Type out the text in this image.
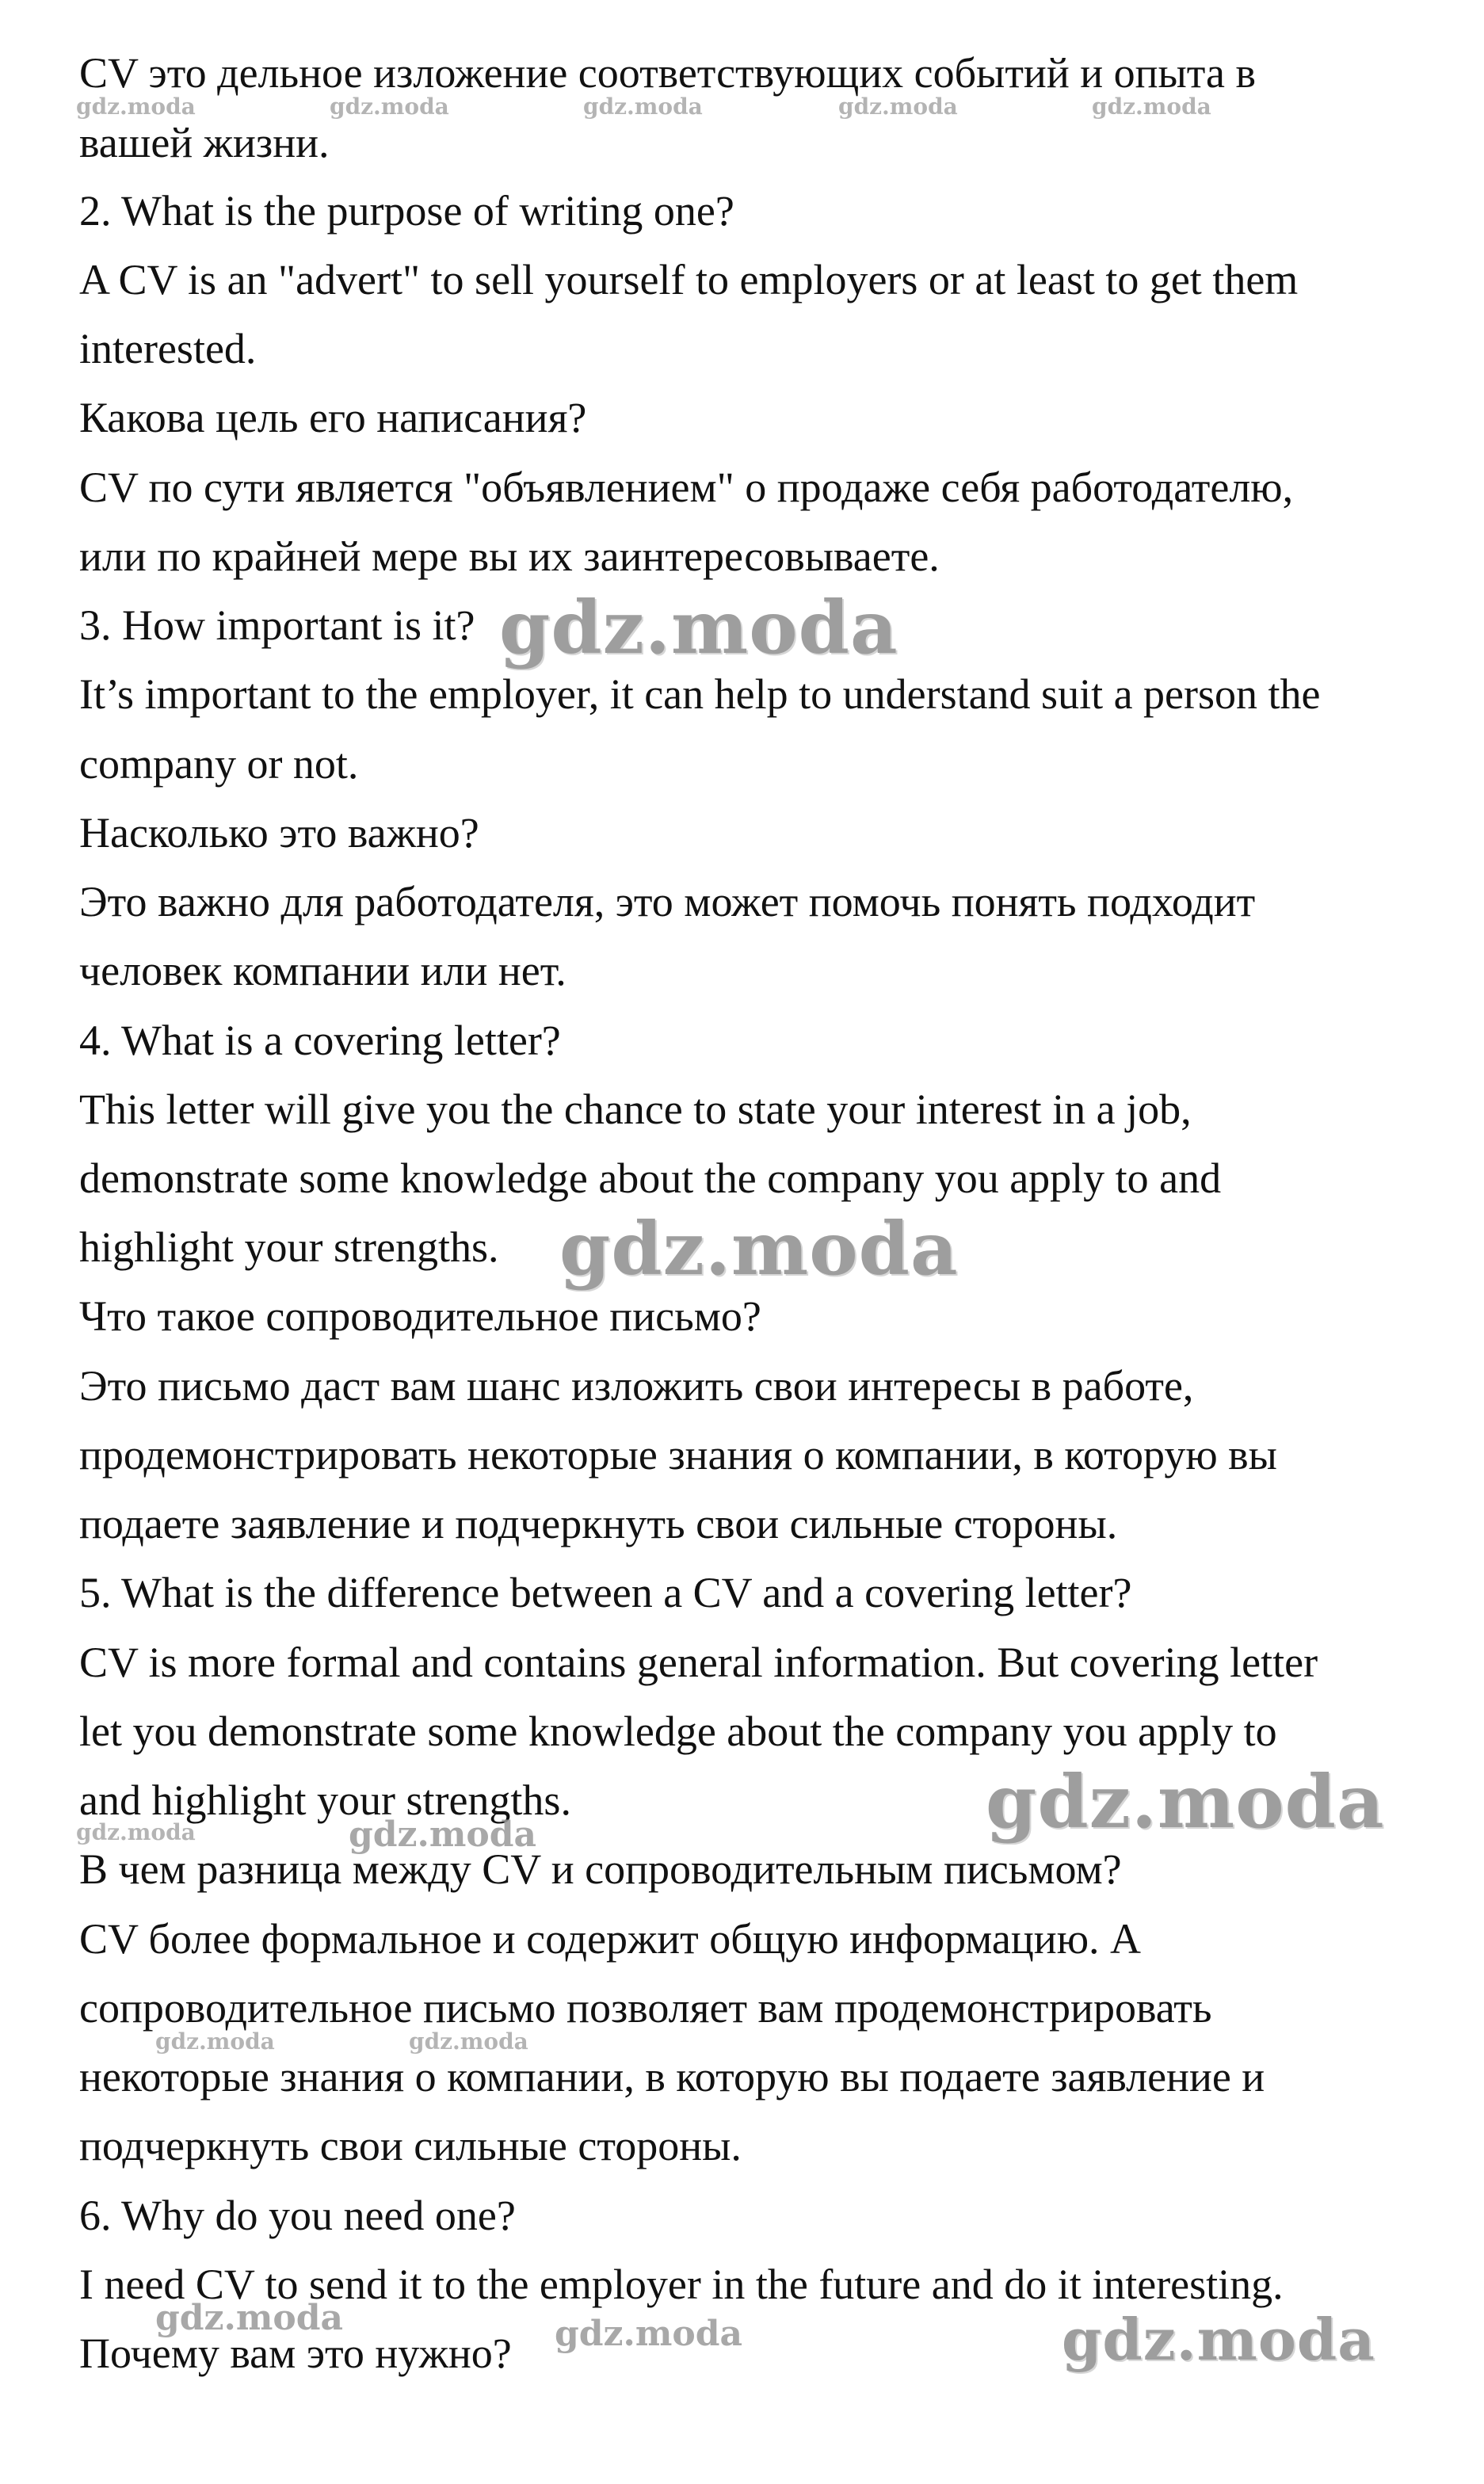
CV это дельное изложение соответствующих событий и опыта в
вашей жизни.
2. What is the purpose of writing one?
A CV is an "advert" to sell yourself to employers or at least to get them
interested.
Какова цель его написания?
CV по сути является "объявлением" о продаже себя работодателю,
или по крайней мере вы их заинтересовываете.
3. How important is it?
It’s important to the employer, it can help to understand suit a person the
company or not.
Насколько это важно?
Это важно для работодателя, это может помочь понять подходит
человек компании или нет.
4. What is a covering letter?
This letter will give you the chance to state your interest in a job,
demonstrate some knowledge about the company you apply to and
highlight your strengths.
Что такое сопроводительное письмо?
Это письмо даст вам шанс изложить свои интересы в работе,
продемонстрировать некоторые знания о компании, в которую вы
подаете заявление и подчеркнуть свои сильные стороны.
5. What is the difference between a CV and a covering letter?
CV is more formal and contains general information. But covering letter
let you demonstrate some knowledge about the company you apply to
and highlight your strengths.
В чем разница между CV и сопроводительным письмом?
CV более формальное и содержит общую информацию. А
сопроводительное письмо позволяет вам продемонстрировать
некоторые знания о компании, в которую вы подаете заявление и
подчеркнуть свои сильные стороны.
6. Why do you need one?
I need CV to send it to the employer in the future and do it interesting.
Почему вам это нужно?
gdz.moda	gdz.moda	gdz.moda	gdz.moda	gdz.moda
gdz.moda
gdz.moda
gdz.moda
gdz.moda
gdz.moda
gdz.moda	gdz.moda
gdz.moda	gdz.moda	gdz.moda
